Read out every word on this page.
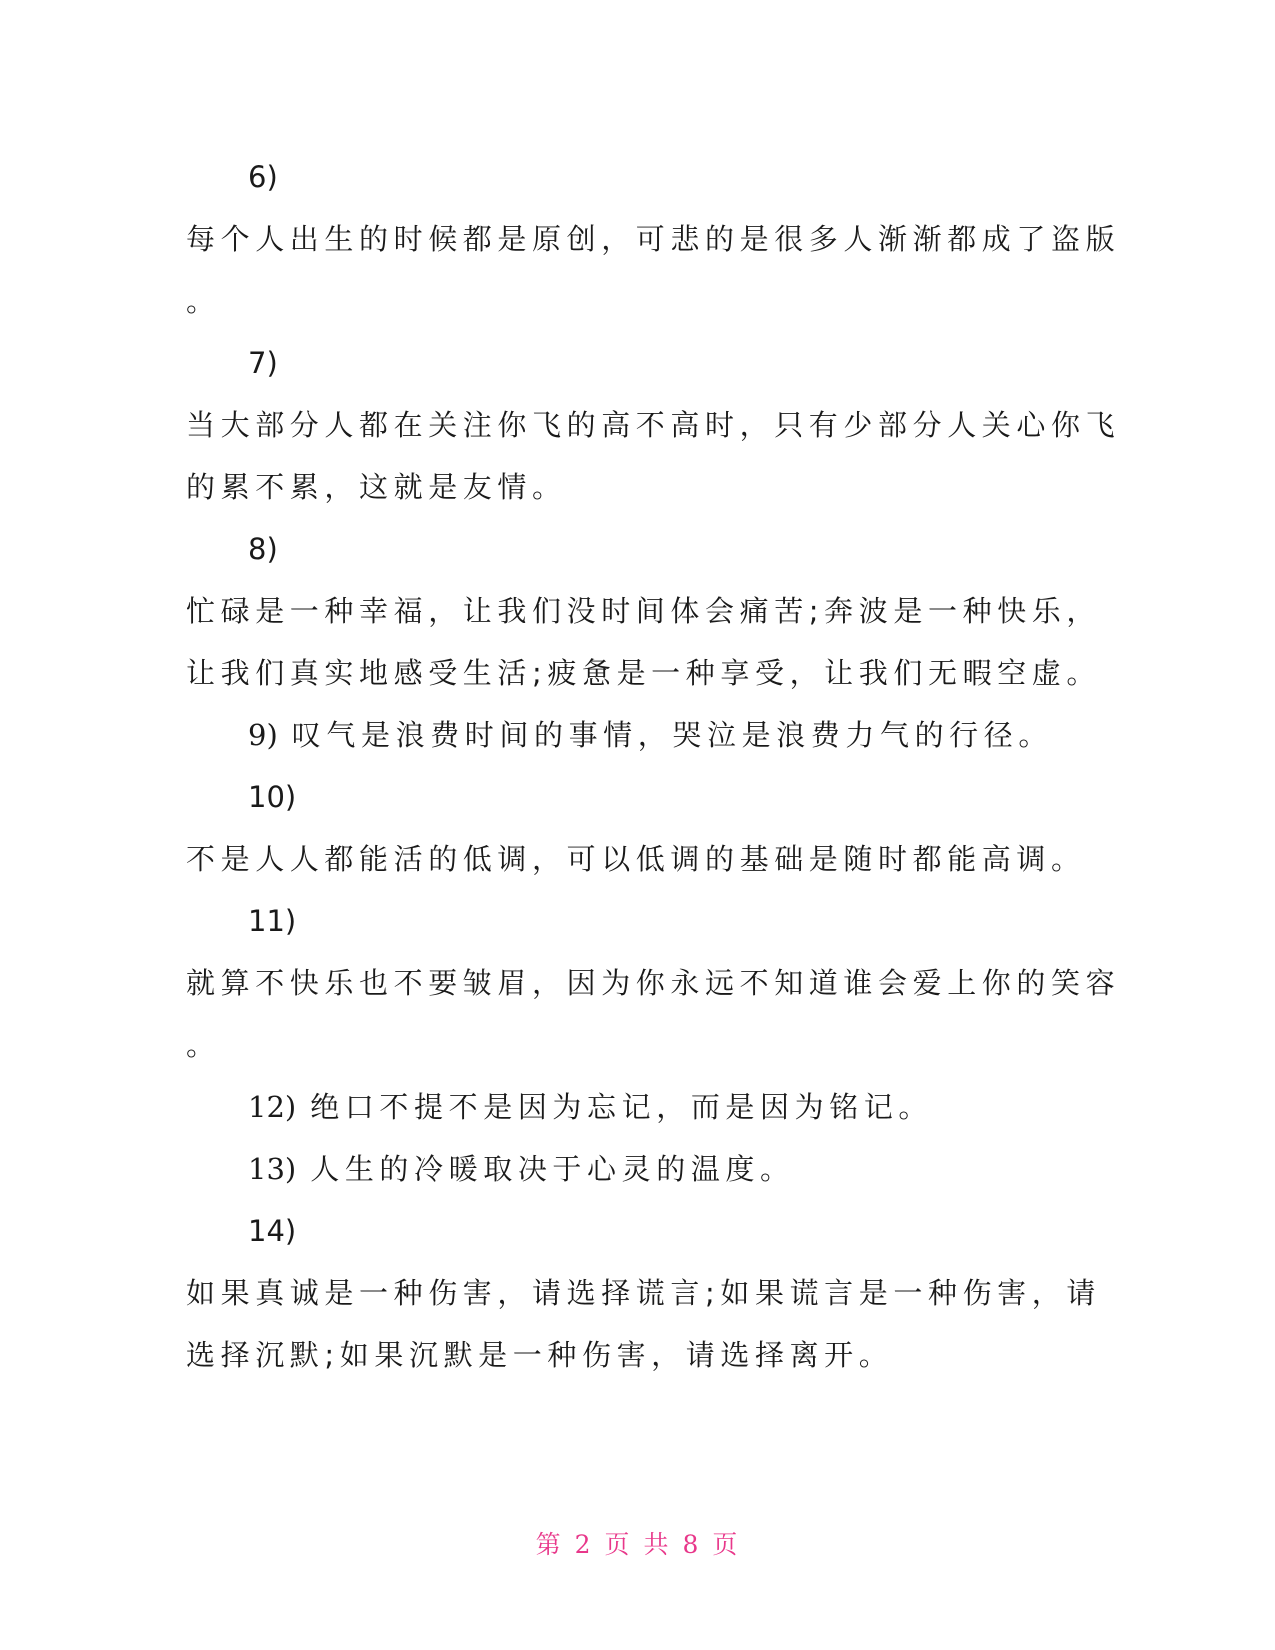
6)
每个人出生的时候都是原创，可悲的是很多人渐渐都成了盗版
。
7)
当大部分人都在关注你飞的高不高时，只有少部分人关心你飞
的累不累，这就是友情。
8)
忙碌是一种幸福，让我们没时间体会痛苦;奔波是一种快乐，
让我们真实地感受生活;疲惫是一种享受，让我们无暇空虚。
9) 叹气是浪费时间的事情，哭泣是浪费力气的行径。
10)
不是人人都能活的低调，可以低调的基础是随时都能高调。
11)
就算不快乐也不要皱眉，因为你永远不知道谁会爱上你的笑容
。
12) 绝口不提不是因为忘记，而是因为铭记。
13) 人生的冷暖取决于心灵的温度。
14)
如果真诚是一种伤害，请选择谎言;如果谎言是一种伤害，请
选择沉默;如果沉默是一种伤害，请选择离开。
第 2 页 共 8 页
